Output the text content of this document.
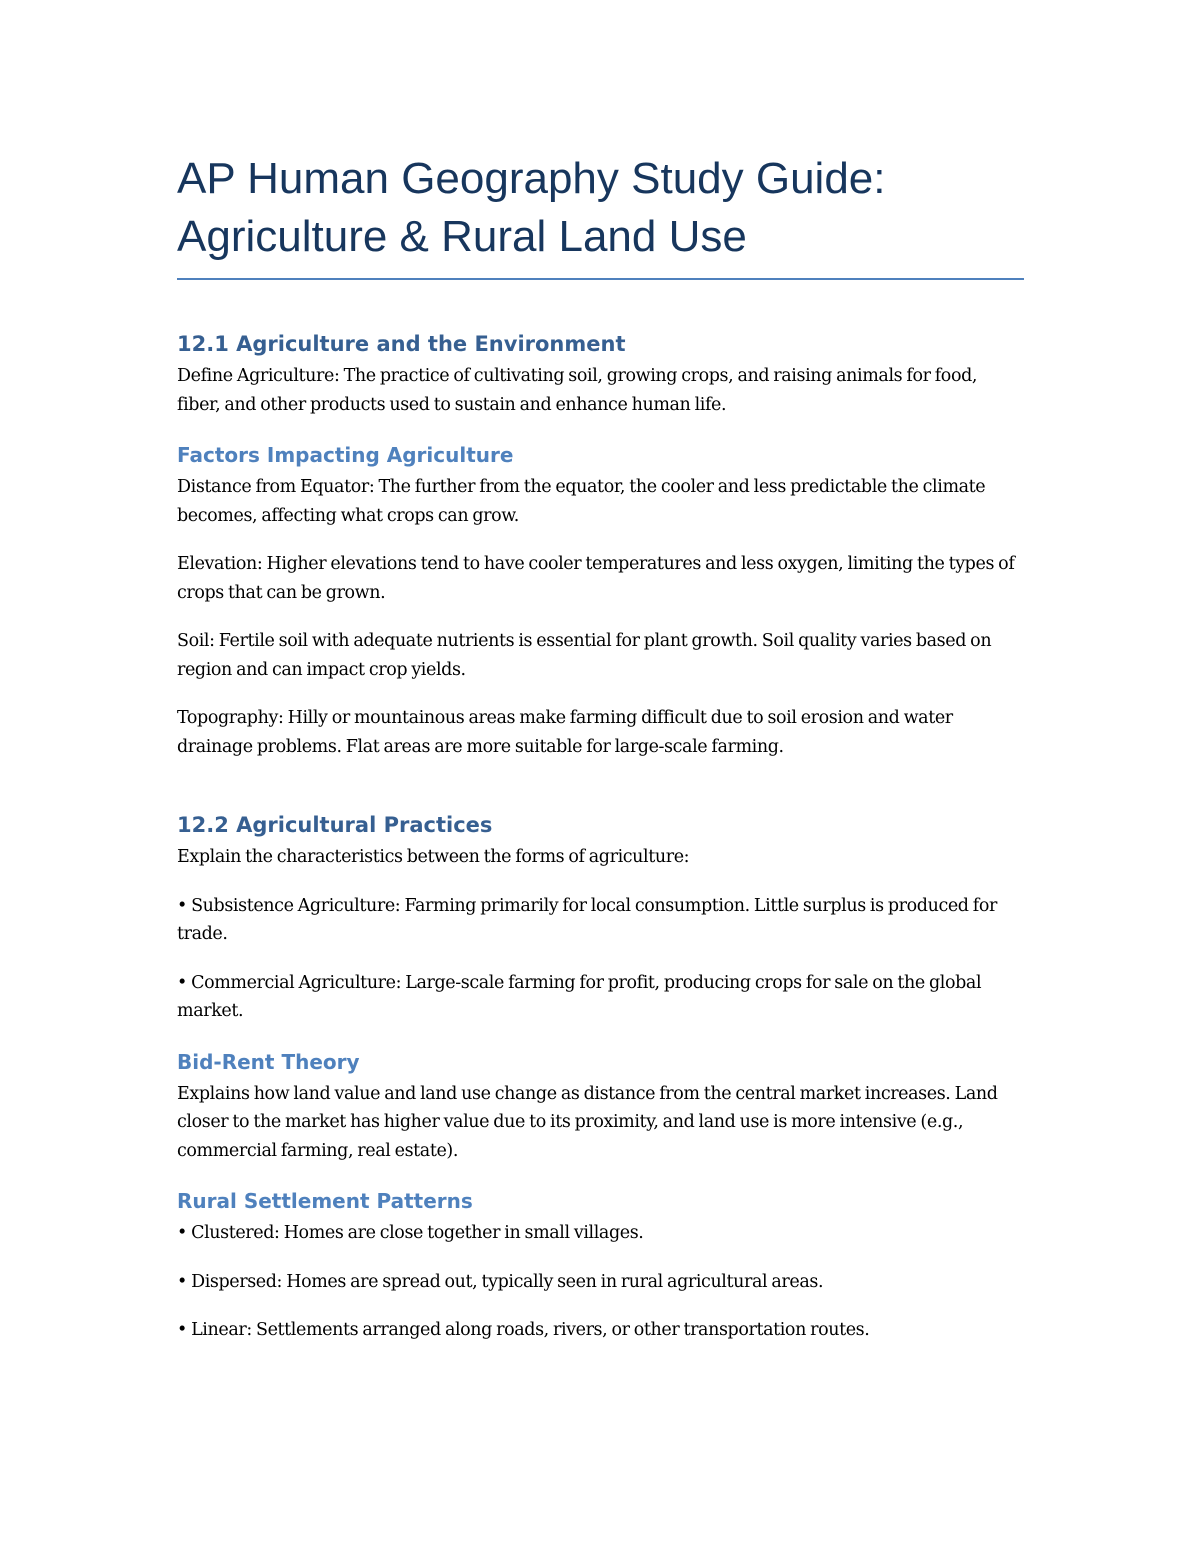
AP Human Geography Study Guide:
Agriculture & Rural Land Use
12.1 Agriculture and the Environment

Define Agriculture: The practice of cultivating soil, growing crops, and raising animals for food, fiber, and other products used to sustain and enhance human life.

Factors Impacting Agriculture

Distance from Equator: The further from the equator, the cooler and less predictable the climate becomes, affecting what crops can grow.

Elevation: Higher elevations tend to have cooler temperatures and less oxygen, limiting the types of crops that can be grown.

Soil: Fertile soil with adequate nutrients is essential for plant growth. Soil quality varies based on region and can impact crop yields.

Topography: Hilly or mountainous areas make farming difficult due to soil erosion and water drainage problems. Flat areas are more suitable for large-scale farming.

12.2 Agricultural Practices

Explain the characteristics between the forms of agriculture:

• Subsistence Agriculture: Farming primarily for local consumption. Little surplus is produced for trade.

• Commercial Agriculture: Large-scale farming for profit, producing crops for sale on the global market.

Bid-Rent Theory

Explains how land value and land use change as distance from the central market increases. Land closer to the market has higher value due to its proximity, and land use is more intensive (e.g., commercial farming, real estate).

Rural Settlement Patterns

• Clustered: Homes are close together in small villages.

• Dispersed: Homes are spread out, typically seen in rural agricultural areas.

• Linear: Settlements arranged along roads, rivers, or other transportation routes.
